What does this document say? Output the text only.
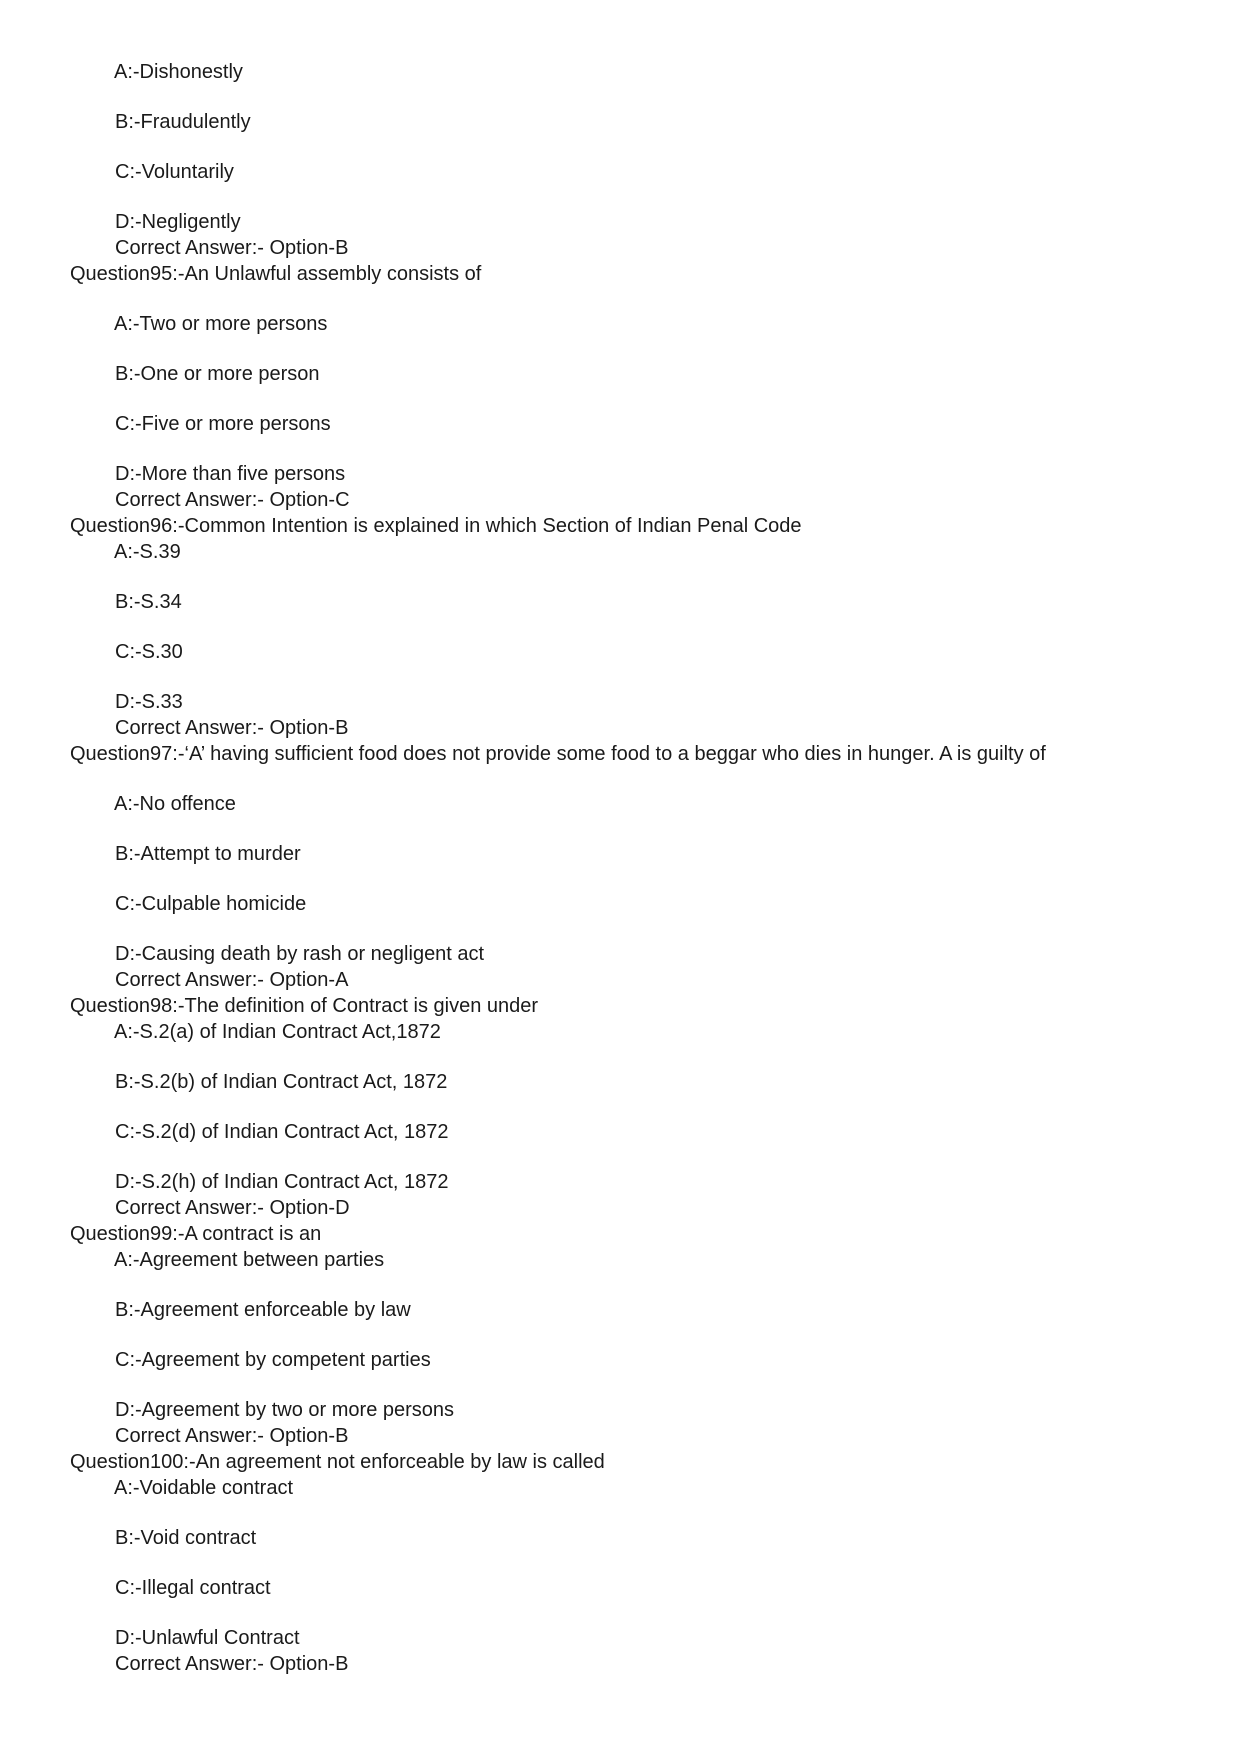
A:-Dishonestly
B:-Fraudulently
C:-Voluntarily
D:-Negligently
Correct Answer:- Option-B
Question95:-An Unlawful assembly consists of
A:-Two or more persons
B:-One or more person
C:-Five or more persons
D:-More than five persons
Correct Answer:- Option-C
Question96:-Common Intention is explained in which Section of Indian Penal Code
A:-S.39
B:-S.34
C:-S.30
D:-S.33
Correct Answer:- Option-B
Question97:-‘A’ having sufficient food does not provide some food to a beggar who dies in hunger. A is guilty of
A:-No offence
B:-Attempt to murder
C:-Culpable homicide
D:-Causing death by rash or negligent act
Correct Answer:- Option-A
Question98:-The definition of Contract is given under
A:-S.2(a) of Indian Contract Act,1872
B:-S.2(b) of Indian Contract Act, 1872
C:-S.2(d) of Indian Contract Act, 1872
D:-S.2(h) of Indian Contract Act, 1872
Correct Answer:- Option-D
Question99:-A contract is an
A:-Agreement between parties
B:-Agreement enforceable by law
C:-Agreement by competent parties
D:-Agreement by two or more persons
Correct Answer:- Option-B
Question100:-An agreement not enforceable by law is called
A:-Voidable contract
B:-Void contract
C:-Illegal contract
D:-Unlawful Contract
Correct Answer:- Option-B
